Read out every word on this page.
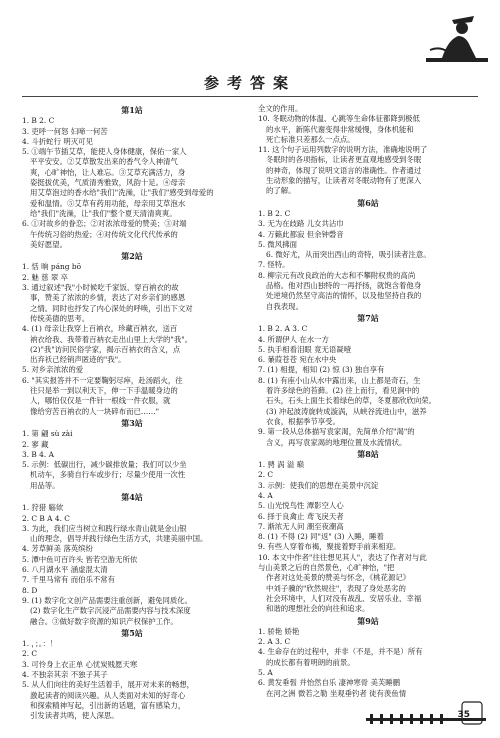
参考答案
第1站
1. B 2. C
3. 吏呼一何怒 妇啼一何苦
4. 斗折蛇行 明灭可见
5. ①端午节插艾草，能使人身体健康，保佑一家人
平平安安。②艾草散发出来的香气令人神清气
爽，心旷神怡，让人难忘。③艾草充满活力，身
姿挺拔优美，气质清秀雅致，风韵十足。④母亲
用艾草泡过的香水给"我们"洗澡，让"我们"感受到母爱的
爱和温情。⑤艾草有药用功能，母亲用艾草泡水
给"我们"洗澡，让"我们"整个夏天清清爽爽。
6. ①对故乡的眷恋；②对浓浓母爱的赞美；③对端
午传统习俗的热爱；④对传统文化代代传承的
美好愿望。
第2站
1. 恬 晌 páng bō
2. 魅 慈 翠 卒
3. 通过叙述"我"小时候吃千家饭、穿百衲衣的故
事，赞美了浓浓的乡情，表达了对乡亲们的感恩
之情。同时也抒发了内心深处的呼唤，引出下文对
传统美德的思考。
4. (1) 母亲让我穿上百衲衣，珍藏百衲衣，送百
衲衣给我、我带着百衲衣走出山里上大学的"我"。
(2)"我"访问民俗学家，揭示百衲衣的含义，点
出弃袄己经销声匿迹的"我"。
5. 对乡亲浓浓的爱
6. "其实报答并不一定要鞠躬尽瘁，赴汤蹈火，往
往只是举一到以利天下，伸一下手温暖身边的
人，哪怕仅仅是一件针一根线一件衣服，就
像给穷苦百衲衣的人一块碎布而已……"
第3站
1. 第 翩 sù zài
2. 寥 藏
3. B 4. A
5. 示例：低碳出行，减少碳排放量；我们可以少坐
机动车，多骑自行车或步行；尽量少使用一次性
用品等。
第4站
1. 狩猎 觞欸
2. C B A 4. C
3. 为此，我们应当树立和践行绿水青山就是金山银
山的理念，倡导并践行绿色生活方式，共建美丽中国。
4. 芳草鲜美 落英缤纷
5. 潭中鱼可百许头 皆若空游无所依
6. 八月湖水平 涵虚混太清
7. 千里马常有 而伯乐不常有
8. D
9. (1) 数字化文创产品需要注重创新，避免同质化。
(2) 数字化生产数字沉浸产品需要内容与技术深度
融合。③做好数字资源的知识产权保护工作。
第5站
1. ，；。：！
2. C
3. 可怜身上衣正单 心忧炭贱愿天寒
4. 不独亲其亲 不独子其子
5. 从人们向往的美好生活着手，展开对未来的畅想，
激起读者的阅读兴趣。从人类面对未知的好奇心
和探索精神写起，引出新的话题，富有感染力，
引发读者共鸣，使人深思。
全文的作用。
10. 冬眠动物的体温、心跳等生命体征都降到极低
的水平，新陈代谢变得非常缓慢，身体机能和
死亡标准只差那么一点点。
11. 这个句子运用列数字的说明方法，准确地说明了
冬眠时的各项指标，让读者更直观地感受到冬眠
的神奇，体现了说明文语言的准确性。作者通过
生动形象的描写，让读者对冬眠动物有了更深入
的了解。
第6站
1. B 2. C
3. 无为在歧路 儿女共沾巾
4. 万籁此都寂 但余钟磬音
5. 微风拂面
6. 微好尤，从而突出西山的奇特，吸引读者注意。
7. 怪特。
8. 柳宗元有改良政治的大志和不攀附权贵的高尚
品格。他对西山独特的一再抒扬，就饱含着他身
处逆境仍然坚守高洁的情怀，以及他坚持自我的
自我表现。
第7站
1. B 2. A 3. C
4. 所谓伊人 在水一方
5. 执手相看泪眼 竟无语凝噎
6. 蒹葭苍苍 宛在水中央
7. (1) 相提，相知 (2) 惊 (3) 独自享有
8. (1) 有座小山从水中露出来，山上都是奇石，生
着许多绿色的苔藓。(2) 往上而行，看见涧中的
石头，石头上面生长着绿色的草，冬夏都欣欣向荣。
(3) 冲起波涛旋转成漩涡，从峡谷流进山中，滋养
衣食，根据季节享受。
9. 第一段从总体描写袁家渴，先简单介绍"渴"的
含义，再写袁家渴的地理位置及水流情状。
第8站
1. 骋 涡 溢 巅
2. C
3. 示例：使我们的思想在美景中沉淀
4. A
5. 山光悦鸟性 潭影空人心
6. 择于良禽止 鸢飞戾天者
7. 渐浓无人问 潮至夜潮高
8. (1) 不得 (2) 同"返" (3) 入睡，睡着
9. 有些人穿着布褐，聚拢着野手前来相迎。
10. 本文中作者"往往想见其人"，表达了作者对与此
与山美景之后的自然景色，心旷神怡，"把
作者对这处美景的赞美与怀念，《桃花源记》
中刘子骥的"欣然规往"，表现了身处恶劣的
社会环境中，人们对没有战乱、安居乐业、幸福
和谐的理想社会的向往和追求。
第9站
1. 骄艳 娇艳
2. A 3. C
4. 生命存在的过程中，并非（不是，并不是）所有
的成长都有着明朗的前景。
5. A
6. 黄发垂髫 并怡然自乐 凄神寒骨 美芙睡鹏
在河之洲 微若之勒 坐观垂钓者 徒有羡鱼情
35
